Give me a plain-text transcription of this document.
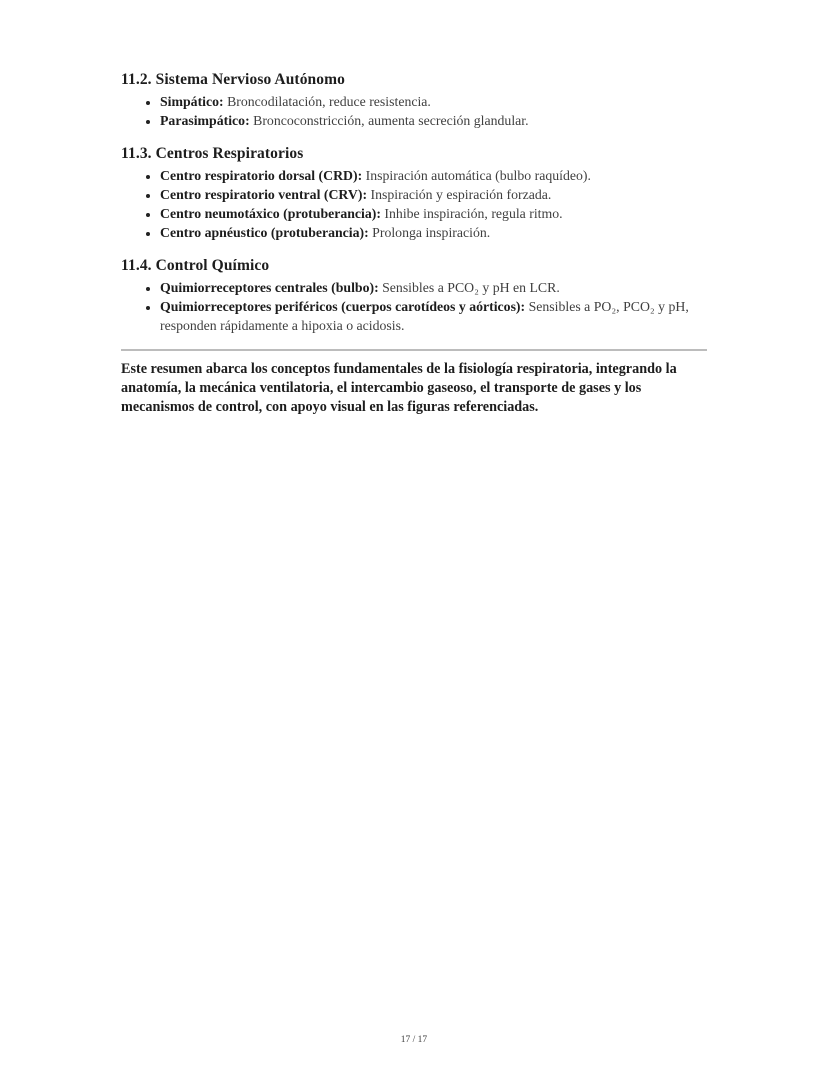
11.2. Sistema Nervioso Autónomo
• Simpático: Broncodilatación, reduce resistencia.
• Parasimpático: Broncoconstricción, aumenta secreción glandular.
11.3. Centros Respiratorios
• Centro respiratorio dorsal (CRD): Inspiración automática (bulbo raquídeo).
• Centro respiratorio ventral (CRV): Inspiración y espiración forzada.
• Centro neumotáxico (protuberancia): Inhibe inspiración, regula ritmo.
• Centro apnéustico (protuberancia): Prolonga inspiración.
11.4. Control Químico
• Quimiorreceptores centrales (bulbo): Sensibles a PCO₂ y pH en LCR.
• Quimiorreceptores periféricos (cuerpos carotídeos y aórticos): Sensibles a PO₂, PCO₂ y pH, responden rápidamente a hipoxia o acidosis.

Este resumen abarca los conceptos fundamentales de la fisiología respiratoria, integrando la anatomía, la mecánica ventilatoria, el intercambio gaseoso, el transporte de gases y los mecanismos de control, con apoyo visual en las figuras referenciadas.

17 / 17
